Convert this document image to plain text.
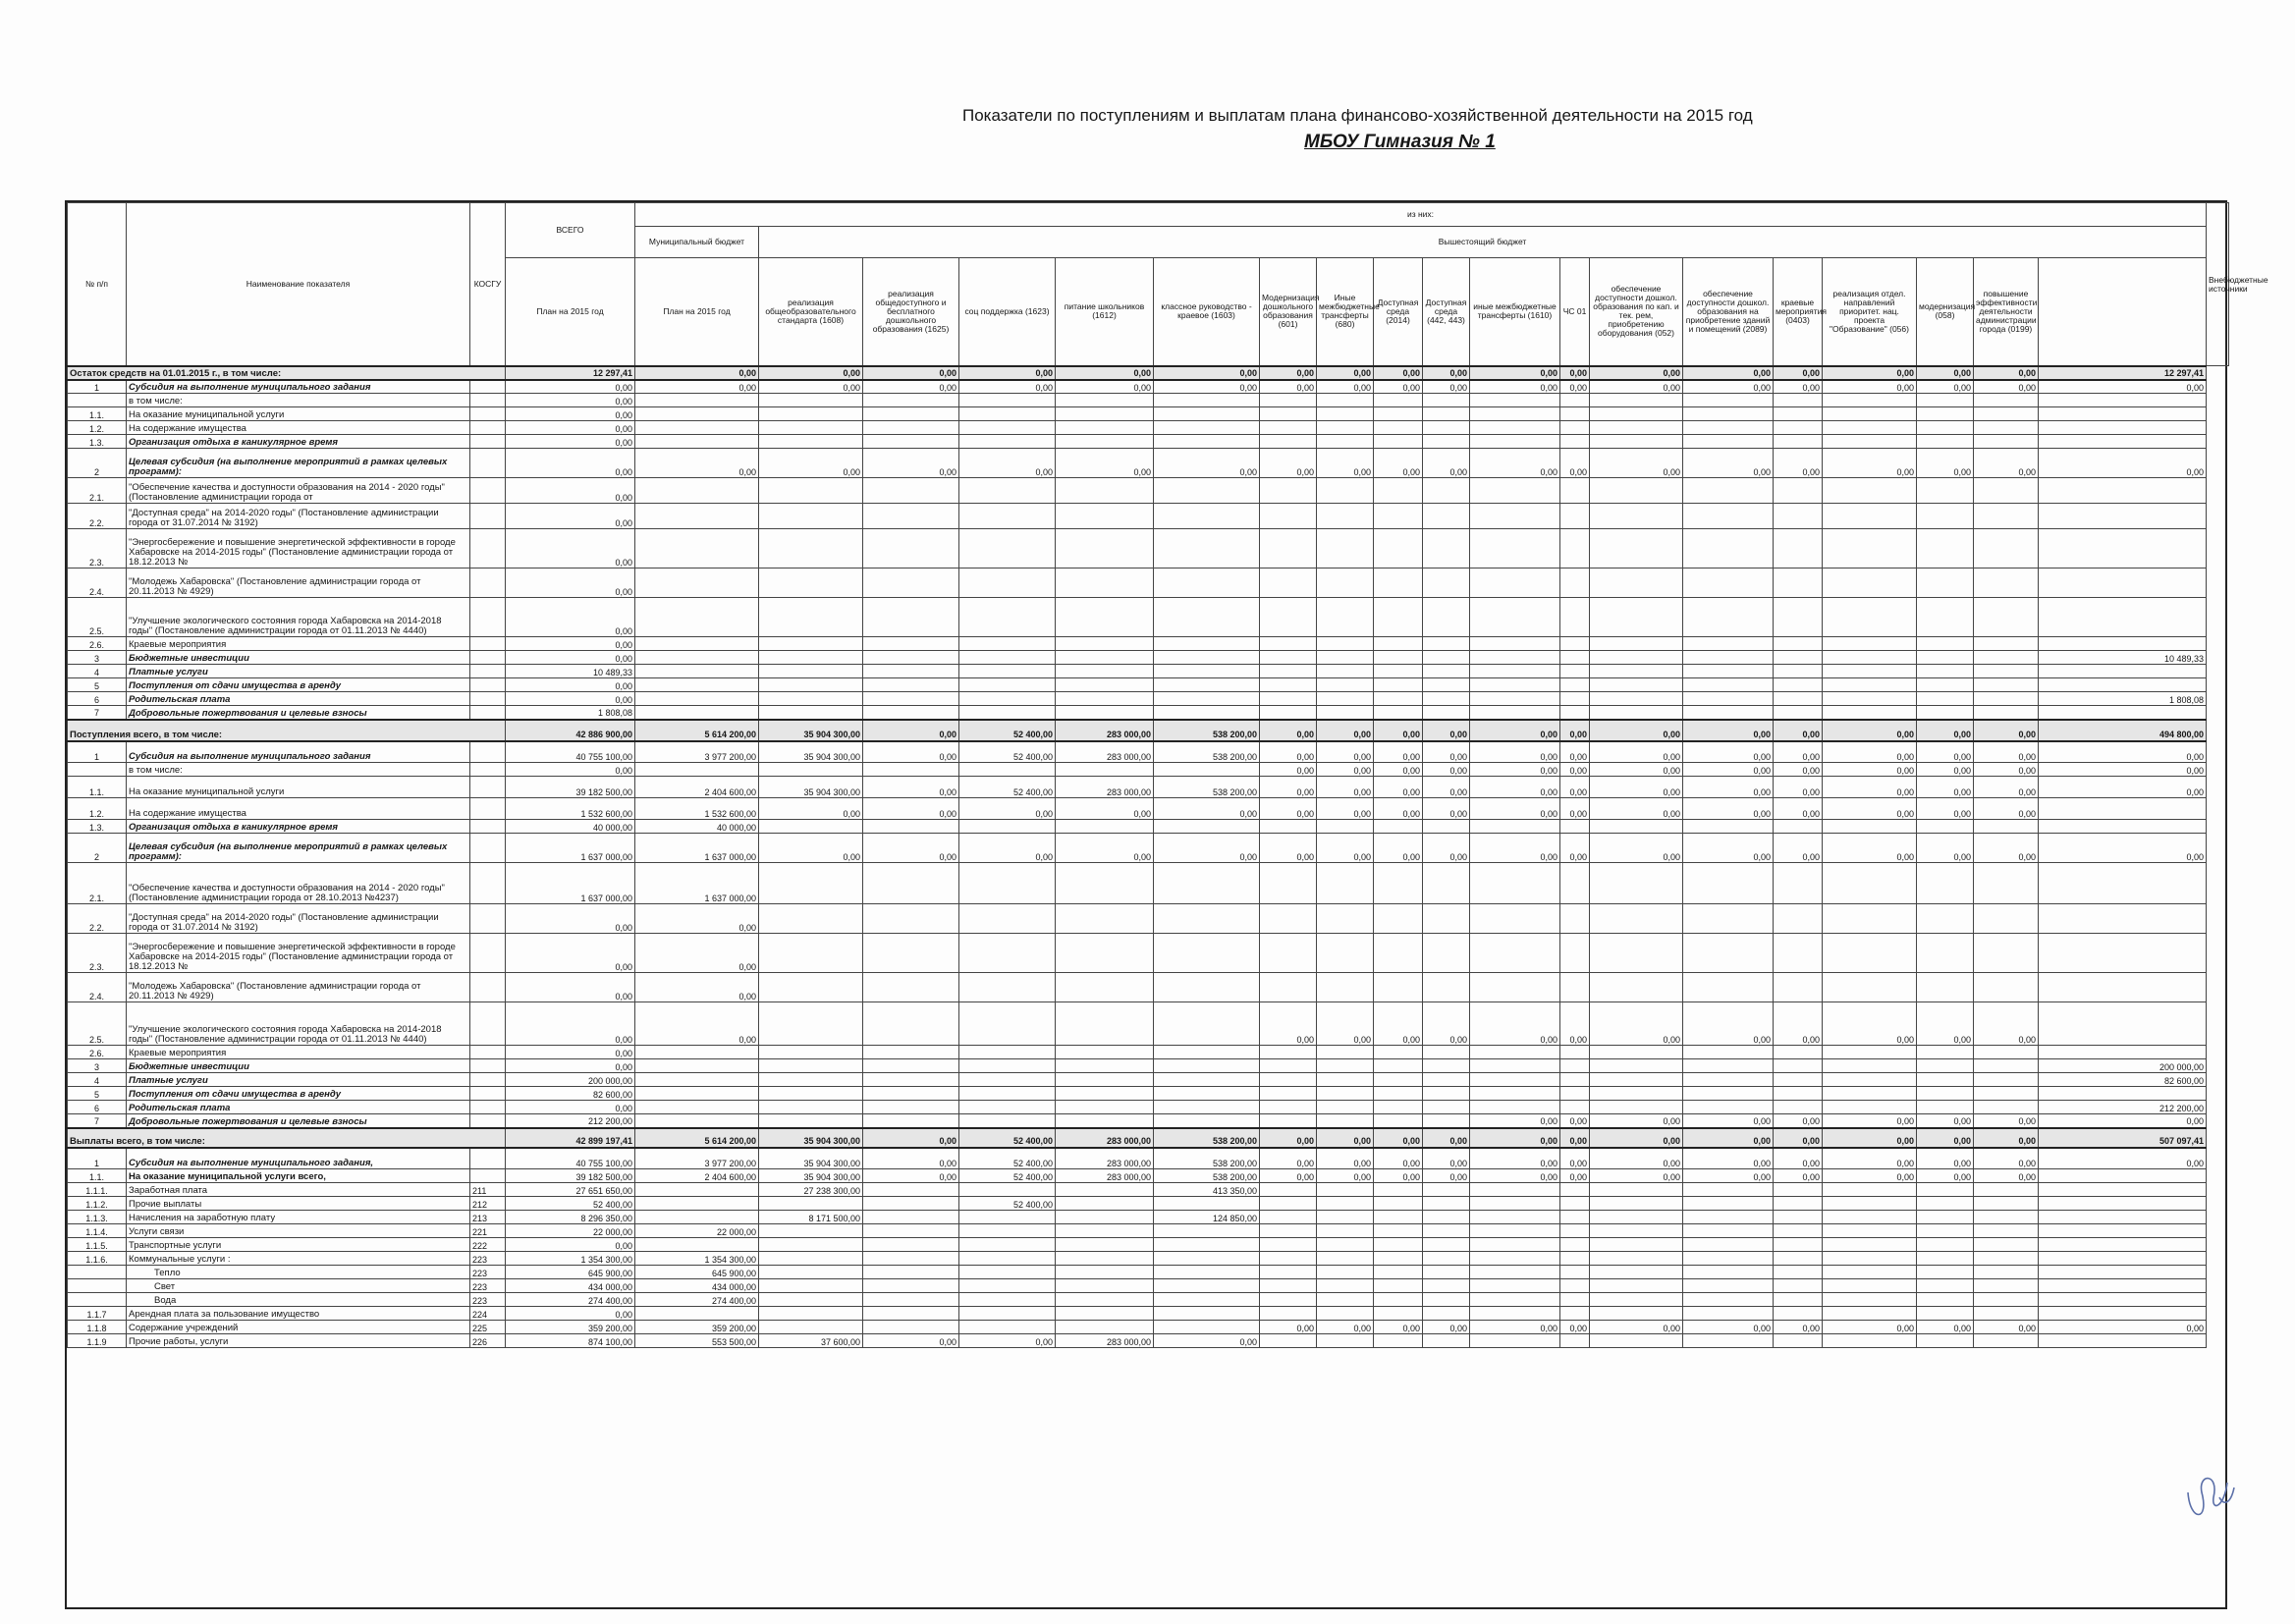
Показатели по поступлениям и выплатам плана финансово-хозяйственной деятельности на 2015 год
МБОУ Гимназия № 1
№ п/п	Наименование показателя	КОСГУ	ВСЕГО	из них:																			Внебюджетные источники
				Муниципальный бюджет	Вышестоящий бюджет																		
			План на 2015 год	План на 2015 год	реализация общеобразовательного стандарта (1608)	реализация общедоступного и бесплатного дошкольного образования (1625)	соц поддержка (1623)	питание школьников (1612)	классное руководство - краевое (1603)	Модернизация дошкольного образования (601)	Иные межбюджетные трансферты (680)	Доступная среда (2014)	Доступная среда (442, 443)	иные межбюджетные трансферты (1610)	ЧС 01	обеспечение доступности дошкол. образования по кап. и тек. рем, приобретению оборудования (052)	обеспечение доступности дошкол. образования на приобретение зданий и помещений (2089)	краевые мероприятия (0403)	реализация отдел. направлений приоритет. нац. проекта "Образование" (056)	модернизация (058)	повышение эффективности деятельности администрации города (0199)		
Остаток средств на 01.01.2015 г., в том числе:			12 297,41	0,00	0,00	0,00	0,00	0,00	0,00	0,00	0,00	0,00	0,00	0,00	0,00	0,00	0,00	0,00	0,00	0,00	0,00	12 297,41	
1	Субсидия на выполнение муниципального задания		0,00	0,00	0,00	0,00	0,00	0,00	0,00	0,00	0,00	0,00	0,00	0,00	0,00	0,00	0,00	0,00	0,00	0,00	0,00	0,00	
	в том числе:		0,00																				
1.1.	На оказание муниципальной услуги		0,00																				
1.2.	На содержание имущества		0,00																				
1.3.	Организация отдыха в каникулярное время		0,00																				
2	Целевая субсидия (на выполнение мероприятий в рамках целевых программ):		0,00	0,00	0,00	0,00	0,00	0,00	0,00	0,00	0,00	0,00	0,00	0,00	0,00	0,00	0,00	0,00	0,00	0,00	0,00	0,00	
2.1.	"Обеспечение качества и доступности образования на 2014 - 2020 годы" (Постановление администрации города от		0,00																				
2.2.	"Доступная среда" на 2014-2020 годы" (Постановление администрации города от 31.07.2014 № 3192)		0,00																				
2.3.	"Энергосбережение и повышение энергетической эффективности в городе Хабаровске на 2014-2015 годы" (Постановление администрации города от 18.12.2013 №		0,00																				
2.4.	"Молодежь Хабаровска" (Постановление администрации города от 20.11.2013 № 4929)		0,00																				
2.5.	"Улучшение экологического состояния города Хабаровска на 2014-2018 годы" (Постановление администрации города от 01.11.2013 № 4440)		0,00																				
2.6.	Краевые мероприятия		0,00																				
3	Бюджетные инвестиции		0,00																			10 489,33	
4	Платные услуги		10 489,33																				
5	Поступления от сдачи имущества в аренду		0,00																				
6	Родительская плата		0,00																			1 808,08	
7	Добровольные пожертвования и целевые взносы		1 808,08																				
Поступления всего, в том числе:			42 886 900,00	5 614 200,00	35 904 300,00	0,00	52 400,00	283 000,00	538 200,00	0,00	0,00	0,00	0,00	0,00	0,00	0,00	0,00	0,00	0,00	0,00	0,00	494 800,00	
1	Субсидия на выполнение муниципального задания		40 755 100,00	3 977 200,00	35 904 300,00	0,00	52 400,00	283 000,00	538 200,00	0,00	0,00	0,00	0,00	0,00	0,00	0,00	0,00	0,00	0,00	0,00	0,00	0,00	
	в том числе:		0,00							0,00	0,00	0,00	0,00	0,00	0,00	0,00	0,00	0,00	0,00	0,00	0,00	0,00	
1.1.	На оказание муниципальной услуги		39 182 500,00	2 404 600,00	35 904 300,00	0,00	52 400,00	283 000,00	538 200,00	0,00	0,00	0,00	0,00	0,00	0,00	0,00	0,00	0,00	0,00	0,00	0,00	0,00	
1.2.	На содержание имущества		1 532 600,00	1 532 600,00	0,00	0,00	0,00	0,00	0,00	0,00	0,00	0,00	0,00	0,00	0,00	0,00	0,00	0,00	0,00	0,00	0,00		
1.3.	Организация отдыха в каникулярное время		40 000,00	40 000,00																			
2	Целевая субсидия (на выполнение мероприятий в рамках целевых программ):		1 637 000,00	1 637 000,00	0,00	0,00	0,00	0,00	0,00	0,00	0,00	0,00	0,00	0,00	0,00	0,00	0,00	0,00	0,00	0,00	0,00	0,00	
2.1.	"Обеспечение качества и доступности образования на 2014 - 2020 годы" (Постановление администрации города от 28.10.2013 №4237)		1 637 000,00	1 637 000,00																			
2.2.	"Доступная среда" на 2014-2020 годы" (Постановление администрации города от 31.07.2014 № 3192)		0,00	0,00																			
2.3.	"Энергосбережение и повышение энергетической эффективности в городе Хабаровске на 2014-2015 годы" (Постановление администрации города от 18.12.2013 №		0,00	0,00																			
2.4.	"Молодежь Хабаровска" (Постановление администрации города от 20.11.2013 № 4929)		0,00	0,00																			
2.5.	"Улучшение экологического состояния города Хабаровска на 2014-2018 годы" (Постановление администрации города от 01.11.2013 № 4440)		0,00	0,00						0,00	0,00	0,00	0,00	0,00	0,00	0,00	0,00	0,00	0,00	0,00	0,00		
2.6.	Краевые мероприятия		0,00																				
3	Бюджетные инвестиции		0,00																			200 000,00	
4	Платные услуги		200 000,00																			82 600,00	
5	Поступления от сдачи имущества в аренду		82 600,00																				
6	Родительская плата		0,00																			212 200,00	
7	Добровольные пожертвования и целевые взносы		212 200,00											0,00	0,00	0,00	0,00	0,00	0,00	0,00	0,00	0,00	
Выплаты всего, в том числе:			42 899 197,41	5 614 200,00	35 904 300,00	0,00	52 400,00	283 000,00	538 200,00	0,00	0,00	0,00	0,00	0,00	0,00	0,00	0,00	0,00	0,00	0,00	0,00	507 097,41	
1	Субсидия на выполнение муниципального задания,		40 755 100,00	3 977 200,00	35 904 300,00	0,00	52 400,00	283 000,00	538 200,00	0,00	0,00	0,00	0,00	0,00	0,00	0,00	0,00	0,00	0,00	0,00	0,00	0,00	
1.1.	На оказание муниципальной услуги всего,		39 182 500,00	2 404 600,00	35 904 300,00	0,00	52 400,00	283 000,00	538 200,00	0,00	0,00	0,00	0,00	0,00	0,00	0,00	0,00	0,00	0,00	0,00	0,00		
1.1.1.	Заработная плата	211	27 651 650,00		27 238 300,00				413 350,00														
1.1.2.	Прочие выплаты	212	52 400,00				52 400,00																
1.1.3.	Начисления на заработную плату	213	8 296 350,00		8 171 500,00				124 850,00														
1.1.4.	Услуги связи	221	22 000,00	22 000,00																			
1.1.5.	Транспортные услуги	222	0,00																				
1.1.6.	Коммунальные услуги :	223	1 354 300,00	1 354 300,00																			
	Тепло	223	645 900,00	645 900,00																			
	Свет	223	434 000,00	434 000,00																			
	Вода	223	274 400,00	274 400,00																			
1.1.7	Арендная плата за пользование имущество	224	0,00																				
1.1.8	Содержание учреждений	225	359 200,00	359 200,00						0,00	0,00	0,00	0,00	0,00	0,00	0,00	0,00	0,00	0,00	0,00	0,00	0,00	
1.1.9	Прочие работы, услуги	226	874 100,00	553 500,00	37 600,00	0,00	0,00	283 000,00	0,00														
